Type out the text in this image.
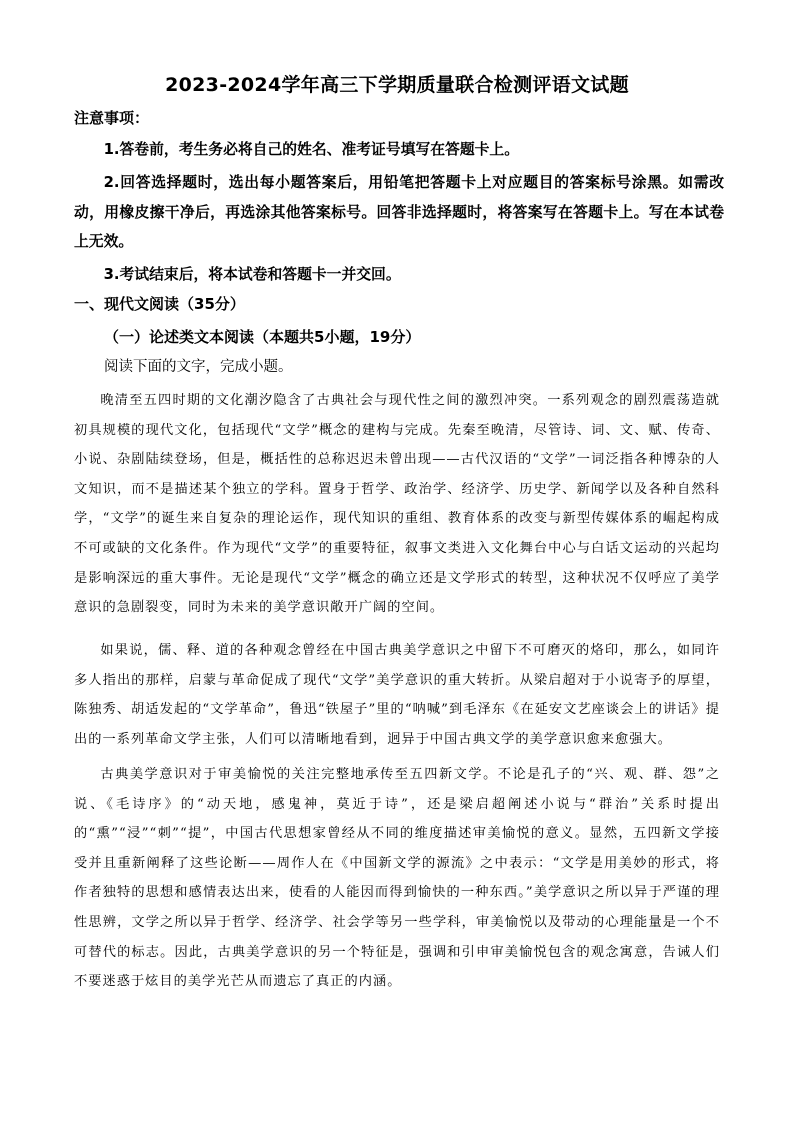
2023-2024学年高三下学期质量联合检测评语文试题
注意事项：
1.答卷前，考生务必将自己的姓名、准考证号填写在答题卡上。
2.回答选择题时，选出每小题答案后，用铅笔把答题卡上对应题目的答案标号涂黑。如需改动，用橡皮擦干净后，再选涂其他答案标号。回答非选择题时，将答案写在答题卡上。写在本试卷上无效。
3.考试结束后，将本试卷和答题卡一并交回。
一、现代文阅读（35分）
（一）论述类文本阅读（本题共5小题，19分）
阅读下面的文字，完成小题。
晚清至五四时期的文化潮汐隐含了古典社会与现代性之间的激烈冲突。一系列观念的剧烈震荡造就初具规模的现代文化，包括现代“文学”概念的建构与完成。先秦至晚清，尽管诗、词、文、赋、传奇、小说、杂剧陆续登场，但是，概括性的总称迟迟未曾出现——古代汉语的“文学”一词泛指各种博杂的人文知识，而不是描述某个独立的学科。置身于哲学、政治学、经济学、历史学、新闻学以及各种自然科学，“文学”的诞生来自复杂的理论运作，现代知识的重组、教育体系的改变与新型传媒体系的崛起构成不可或缺的文化条件。作为现代“文学”的重要特征，叙事文类进入文化舞台中心与白话文运动的兴起均是影响深远的重大事件。无论是现代“文学”概念的确立还是文学形式的转型，这种状况不仅呼应了美学意识的急剧裂变，同时为未来的美学意识敞开广阔的空间。
如果说，儒、释、道的各种观念曾经在中国古典美学意识之中留下不可磨灭的烙印，那么，如同许多人指出的那样，启蒙与革命促成了现代“文学”美学意识的重大转折。从梁启超对于小说寄予的厚望，陈独秀、胡适发起的“文学革命”，鲁迅“铁屋子”里的“呐喊”到毛泽东《在延安文艺座谈会上的讲话》提出的一系列革命文学主张，人们可以清晰地看到，迥异于中国古典文学的美学意识愈来愈强大。
古典美学意识对于审美愉悦的关注完整地承传至五四新文学。不论是孔子的“兴、观、群、怨”之说、《毛诗序》的“动天地，感鬼神，莫近于诗”，还是梁启超阐述小说与“群治”关系时提出的“熏”“浸”“刺”“提”，中国古代思想家曾经从不同的维度描述审美愉悦的意义。显然，五四新文学接受并且重新阐释了这些论断——周作人在《中国新文学的源流》之中表示：“文学是用美妙的形式，将作者独特的思想和感情表达出来，使看的人能因而得到愉快的一种东西。”美学意识之所以异于严谨的理性思辨，文学之所以异于哲学、经济学、社会学等另一些学科，审美愉悦以及带动的心理能量是一个不可替代的标志。因此，古典美学意识的另一个特征是，强调和引申审美愉悦包含的观念寓意，告诫人们不要迷惑于炫目的美学光芒从而遗忘了真正的内涵。
